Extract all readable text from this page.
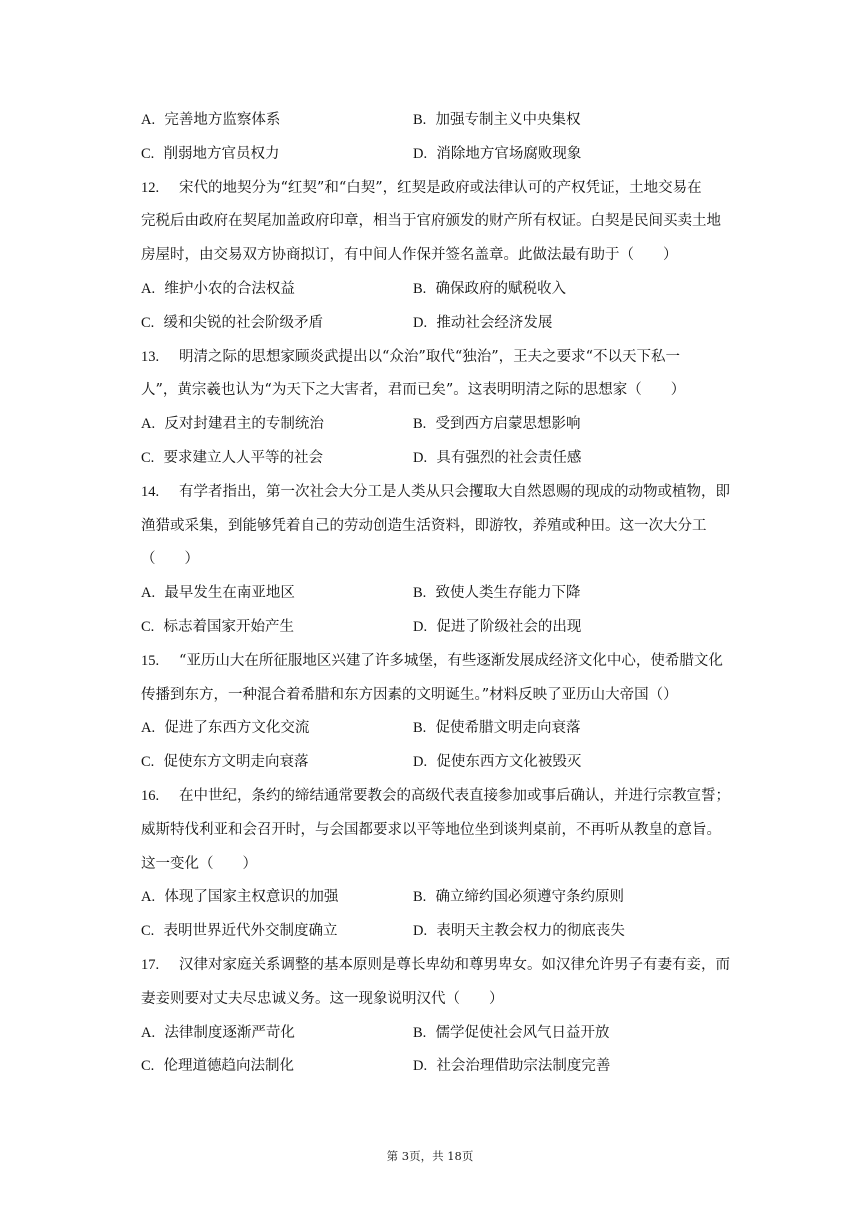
A. 完善地方监察体系	B. 加强专制主义中央集权
C. 削弱地方官员权力	D. 消除地方官场腐败现象
12. 宋代的地契分为“红契”和“白契”，红契是政府或法律认可的产权凭证，土地交易在
完税后由政府在契尾加盖政府印章，相当于官府颁发的财产所有权证。白契是民间买卖土地
房屋时，由交易双方协商拟订，有中间人作保并签名盖章。此做法最有助于（　　）
A. 维护小农的合法权益	B. 确保政府的赋税收入
C. 缓和尖锐的社会阶级矛盾	D. 推动社会经济发展
13. 明清之际的思想家顾炎武提出以“众治”取代“独治”，王夫之要求“不以天下私一
人”，黄宗羲也认为“为天下之大害者，君而已矣”。这表明明清之际的思想家（　　）
A. 反对封建君主的专制统治	B. 受到西方启蒙思想影响
C. 要求建立人人平等的社会	D. 具有强烈的社会责任感
14. 有学者指出，第一次社会大分工是人类从只会攫取大自然恩赐的现成的动物或植物，即
渔猎或采集，到能够凭着自己的劳动创造生活资料，即游牧，养殖或种田。这一次大分工
（　　）
A. 最早发生在南亚地区	B. 致使人类生存能力下降
C. 标志着国家开始产生	D. 促进了阶级社会的出现
15. “亚历山大在所征服地区兴建了许多城堡，有些逐渐发展成经济文化中心，使希腊文化
传播到东方，一种混合着希腊和东方因素的文明诞生。”材料反映了亚历山大帝国（）
A. 促进了东西方文化交流	B. 促使希腊文明走向衰落
C. 促使东方文明走向衰落	D. 促使东西方文化被毁灭
16. 在中世纪，条约的缔结通常要教会的高级代表直接参加或事后确认，并进行宗教宣誓；
威斯特伐利亚和会召开时，与会国都要求以平等地位坐到谈判桌前，不再听从教皇的意旨。
这一变化（　　）
A. 体现了国家主权意识的加强	B. 确立缔约国必须遵守条约原则
C. 表明世界近代外交制度确立	D. 表明天主教会权力的彻底丧失
17. 汉律对家庭关系调整的基本原则是尊长卑幼和尊男卑女。如汉律允许男子有妻有妾，而
妻妾则要对丈夫尽忠诚义务。这一现象说明汉代（　　）
A. 法律制度逐渐严苛化	B. 儒学促使社会风气日益开放
C. 伦理道德趋向法制化	D. 社会治理借助宗法制度完善
第 3页，共 18页
